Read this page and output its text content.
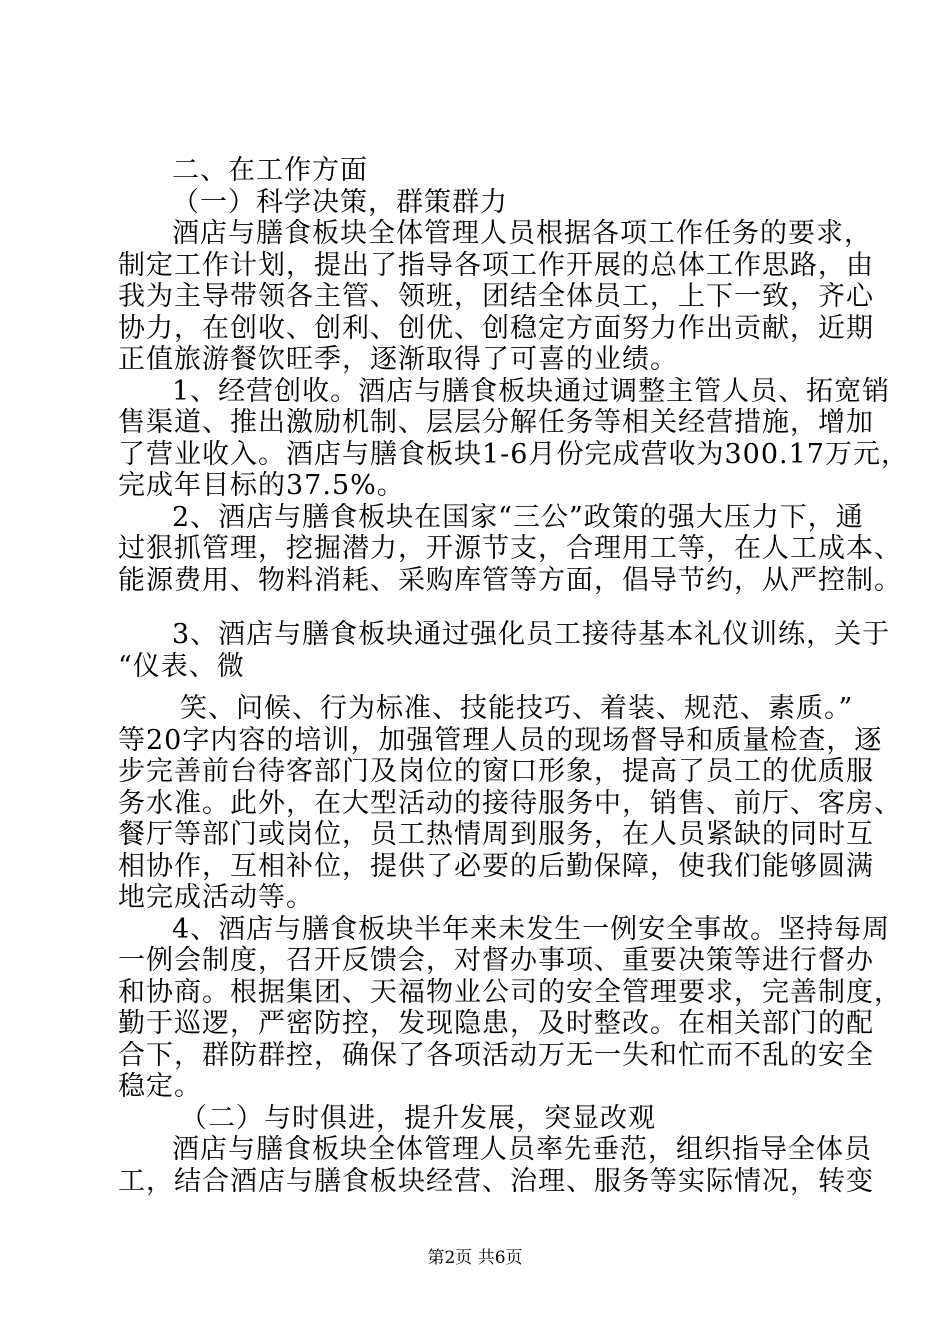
二、在工作方面
（一）科学决策，群策群力
酒店与膳食板块全体管理人员根据各项工作任务的要求，
制定工作计划，提出了指导各项工作开展的总体工作思路，由
我为主导带领各主管、领班，团结全体员工，上下一致，齐心
协力，在创收、创利、创优、创稳定方面努力作出贡献，近期
正值旅游餐饮旺季，逐渐取得了可喜的业绩。
1、经营创收。酒店与膳食板块通过调整主管人员、拓宽销
售渠道、推出激励机制、层层分解任务等相关经营措施，增加
了营业收入。酒店与膳食板块1-6月份完成营收为300.17万元，
完成年目标的37.5%。
2、酒店与膳食板块在国家“三公”政策的强大压力下，通
过狠抓管理，挖掘潜力，开源节支，合理用工等，在人工成本、
能源费用、物料消耗、采购库管等方面，倡导节约，从严控制。
3、酒店与膳食板块通过强化员工接待基本礼仪训练，关于
“仪表、微
笑、问候、行为标准、技能技巧、着装、规范、素质。”
等20字内容的培训，加强管理人员的现场督导和质量检查，逐
步完善前台待客部门及岗位的窗口形象，提高了员工的优质服
务水准。此外，在大型活动的接待服务中，销售、前厅、客房、
餐厅等部门或岗位，员工热情周到服务，在人员紧缺的同时互
相协作，互相补位，提供了必要的后勤保障，使我们能够圆满
地完成活动等。
4、酒店与膳食板块半年来未发生一例安全事故。坚持每周
一例会制度，召开反馈会，对督办事项、重要决策等进行督办
和协商。根据集团、天福物业公司的安全管理要求，完善制度，
勤于巡逻，严密防控，发现隐患，及时整改。在相关部门的配
合下，群防群控，确保了各项活动万无一失和忙而不乱的安全
稳定。
（二）与时俱进，提升发展，突显改观
第2页 共6页
酒店与膳食板块全体管理人员率先垂范，组织指导全体员
工，结合酒店与膳食板块经营、治理、服务等实际情况，转变
